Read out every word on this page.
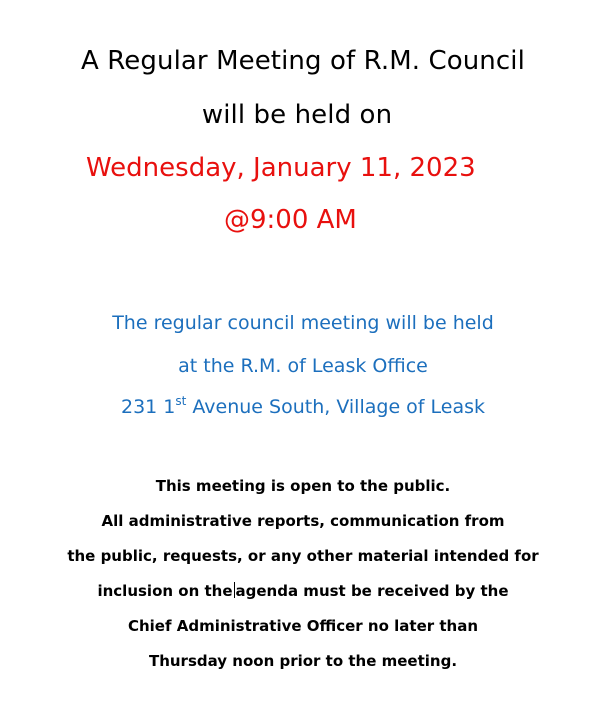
A Regular Meeting of R.M. Council
will be held on
Wednesday, January 11, 2023
@9:00 AM
The regular council meeting will be held
at the R.M. of Leask Office
231 1st Avenue South, Village of Leask
This meeting is open to the public.
All administrative reports, communication from
the public, requests, or any other material intended for
inclusion on the agenda must be received by the
Chief Administrative Officer no later than
Thursday noon prior to the meeting.
